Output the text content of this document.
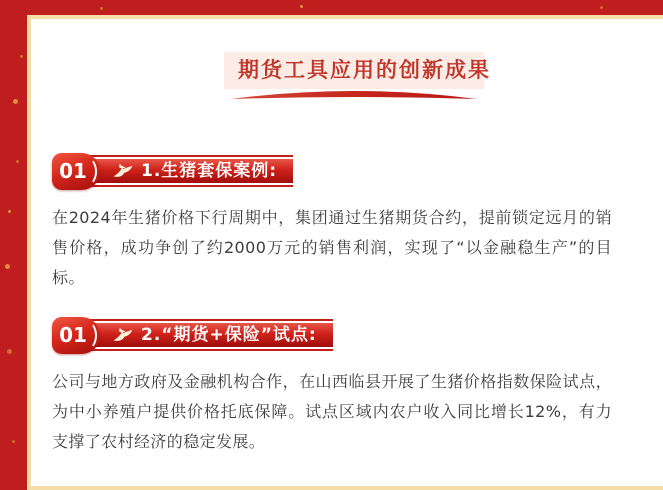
期货工具应用的创新成果
01	1.生猪套保案例:

在2024年生猪价格下行周期中，集团通过生猪期货合约，提前锁定远月的销售价格，成功争创了约2000万元的销售利润，实现了“以金融稳生产”的目标。

01	2.“期货+保险”试点:

公司与地方政府及金融机构合作，在山西临县开展了生猪价格指数保险试点，为中小养殖户提供价格托底保障。试点区域内农户收入同比增长12%，有力支撑了农村经济的稳定发展。
